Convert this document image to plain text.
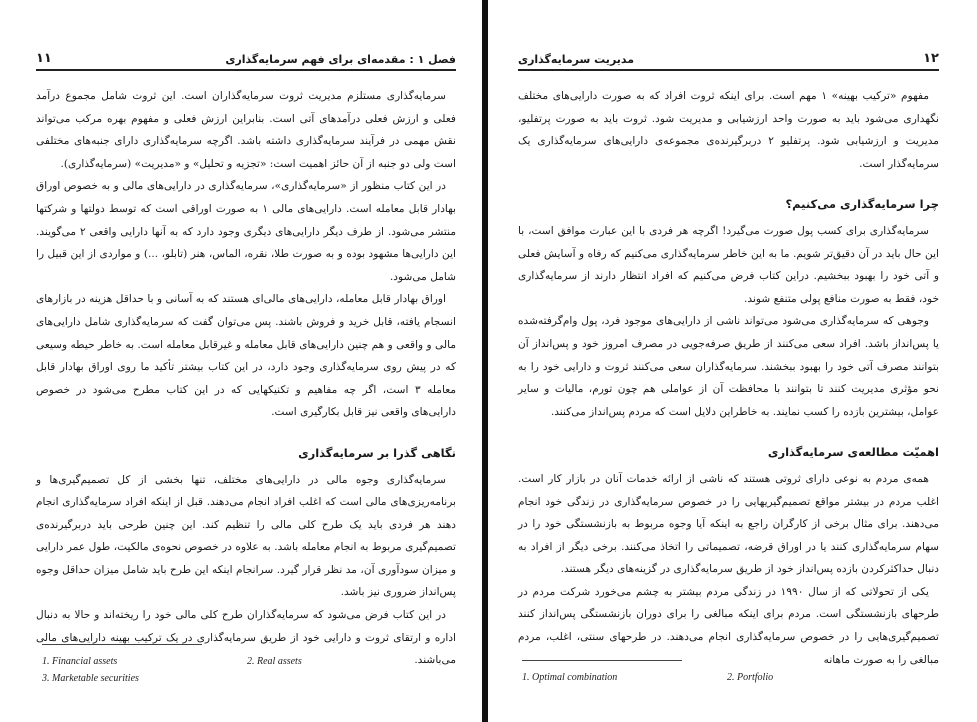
۱۱	فصل ۱ : مقدمه‌ای برای فهم سرمایه‌گذاری

سرمایه‌گذاری مستلزم مدیریت ثروت سرمایه‌گذاران است. این ثروت شامل مجموع درآمد فعلی و ارزش فعلی درآمدهای آتی است. بنابراین ارزش فعلی و مفهوم بهره مرکب می‌تواند نقش مهمی در فرآیند سرمایه‌گذاری داشته باشد. اگرچه سرمایه‌گذاری دارای جنبه‌های مختلفی است ولی دو جنبه از آن حائز اهمیت است: «تجزیه و تحلیل» و «مدیریت» (سرمایه‌گذاری).

در این کتاب منظور از «سرمایه‌گذاری»، سرمایه‌گذاری در دارایی‌های مالی و به خصوص اوراق بهادار قابل معامله است. دارایی‌های مالی ۱ به صورت اوراقی است که توسط دولتها و شرکتها منتشر می‌شود. از طرف دیگر دارایی‌های دیگری وجود دارد که به آنها دارایی واقعی ۲ می‌گویند. این دارایی‌ها مشهود بوده و به صورت طلا، نقره، الماس، هنر (تابلو، ...) و مواردی از این قبیل را شامل می‌شود.

اوراق بهادار قابل معامله، دارایی‌های مالی‌ای هستند که به آسانی و با حداقل هزینه در بازارهای انسجام یافته، قابل خرید و فروش باشند. پس می‌توان گفت که سرمایه‌گذاری شامل دارایی‌های مالی و واقعی و هم چنین دارایی‌های قابل معامله و غیرقابل معامله است. به خاطر حیطه وسیعی که در پیش روی سرمایه‌گذاری وجود دارد، در این کتاب بیشتر تأکید ما روی اوراق بهادار قابل معامله ۳ است، اگر چه مفاهیم و تکنیکهایی که در این کتاب مطرح می‌شود در خصوص دارایی‌های واقعی نیز قابل بکارگیری است.

نگاهی گذرا بر سرمایه‌گذاری

سرمایه‌گذاری وجوه مالی در دارایی‌های مختلف، تنها بخشی از کل تصمیم‌گیری‌ها و برنامه‌ریزی‌های مالی است که اغلب افراد انجام می‌دهند. قبل از اینکه افراد سرمایه‌گذاری انجام دهند هر فردی باید یک طرح کلی مالی را تنظیم کند. این چنین طرحی باید دربرگیرنده‌ی تصمیم‌گیری مربوط به انجام معامله باشد. به علاوه در خصوص نحوه‌ی مالکیت، طول عمر دارایی و میزان سودآوری آن، مد نظر قرار گیرد. سرانجام اینکه این طرح باید شامل میزان حداقل وجوه پس‌انداز ضروری نیز باشد.

در این کتاب فرض می‌شود که سرمایه‌گذاران طرح کلی مالی خود را ریخته‌اند و حالا به دنبال اداره و ارتقای ثروت و دارایی خود از طریق سرمایه‌گذاری در یک ترکیب بهینه دارایی‌های مالی می‌باشند.

1. Financial assets	2. Real assets
3. Marketable securities
مدیریت سرمایه‌گذاری	۱۲

مفهوم «ترکیب بهینه» ۱ مهم است. برای اینکه ثروت افراد که به صورت دارایی‌های مختلف نگهداری می‌شود باید به صورت واحد ارزشیابی و مدیریت شود. ثروت باید به صورت پرتفلیو، مدیریت و ارزشیابی شود. پرتفلیو ۲ دربرگیرنده‌ی مجموعه‌ی دارایی‌های سرمایه‌گذاری یک سرمایه‌گذار است.

چرا سرمایه‌گذاری می‌کنیم؟

سرمایه‌گذاری برای کسب پول صورت می‌گیرد! اگرچه هر فردی با این عبارت موافق است، با این حال باید در آن دقیق‌تر شویم. ما به این خاطر سرمایه‌گذاری می‌کنیم که رفاه و آسایش فعلی و آتی خود را بهبود ببخشیم. دراین کتاب فرض می‌کنیم که افراد انتظار دارند از سرمایه‌گذاری خود، فقط به صورت منافع پولی متنفع شوند.

وجوهی که سرمایه‌گذاری می‌شود می‌تواند ناشی از دارایی‌های موجود فرد، پول وام‌گرفته‌شده یا پس‌انداز باشد. افراد سعی می‌کنند از طریق صرفه‌جویی در مصرف امروز خود و پس‌انداز آن بتوانند مصرف آتی خود را بهبود ببخشند. سرمایه‌گذاران سعی می‌کنند ثروت و دارایی خود را به نحو مؤثری مدیریت کنند تا بتوانند با محافظت آن از عواملی هم چون تورم، مالیات و سایر عوامل، بیشترین بازده را کسب نمایند. به خاطراین دلایل است که مردم پس‌انداز می‌کنند.

اهمیّت مطالعه‌ی سرمایه‌گذاری

همه‌ی مردم به نوعی دارای ثروتی هستند که ناشی از ارائه خدمات آنان در بازار کار است. اغلب مردم در بیشتر مواقع تصمیم‌گیریهایی را در خصوص سرمایه‌گذاری در زندگی خود انجام می‌دهند. برای مثال برخی از کارگران راجع به اینکه آیا وجوه مربوط به بازنشستگی خود را در سهام سرمایه‌گذاری کنند یا در اوراق قرضه، تصمیماتی را اتخاذ می‌کنند. برخی دیگر از افراد به دنبال حداکثرکردن بازده پس‌انداز خود از طریق سرمایه‌گذاری در گزینه‌های دیگر هستند.

یکی از تحولاتی که از سال ۱۹۹۰ در زندگی مردم بیشتر به چشم می‌خورد شرکت مردم در طرحهای بازنشستگی است. مردم برای اینکه مبالغی را برای دوران بازنشستگی پس‌انداز کنند تصمیم‌گیری‌هایی را در خصوص سرمایه‌گذاری انجام می‌دهند. در طرحهای سنتی، اغلب، مردم مبالغی را به صورت ماهانه

1. Optimal combination	2. Portfolio
